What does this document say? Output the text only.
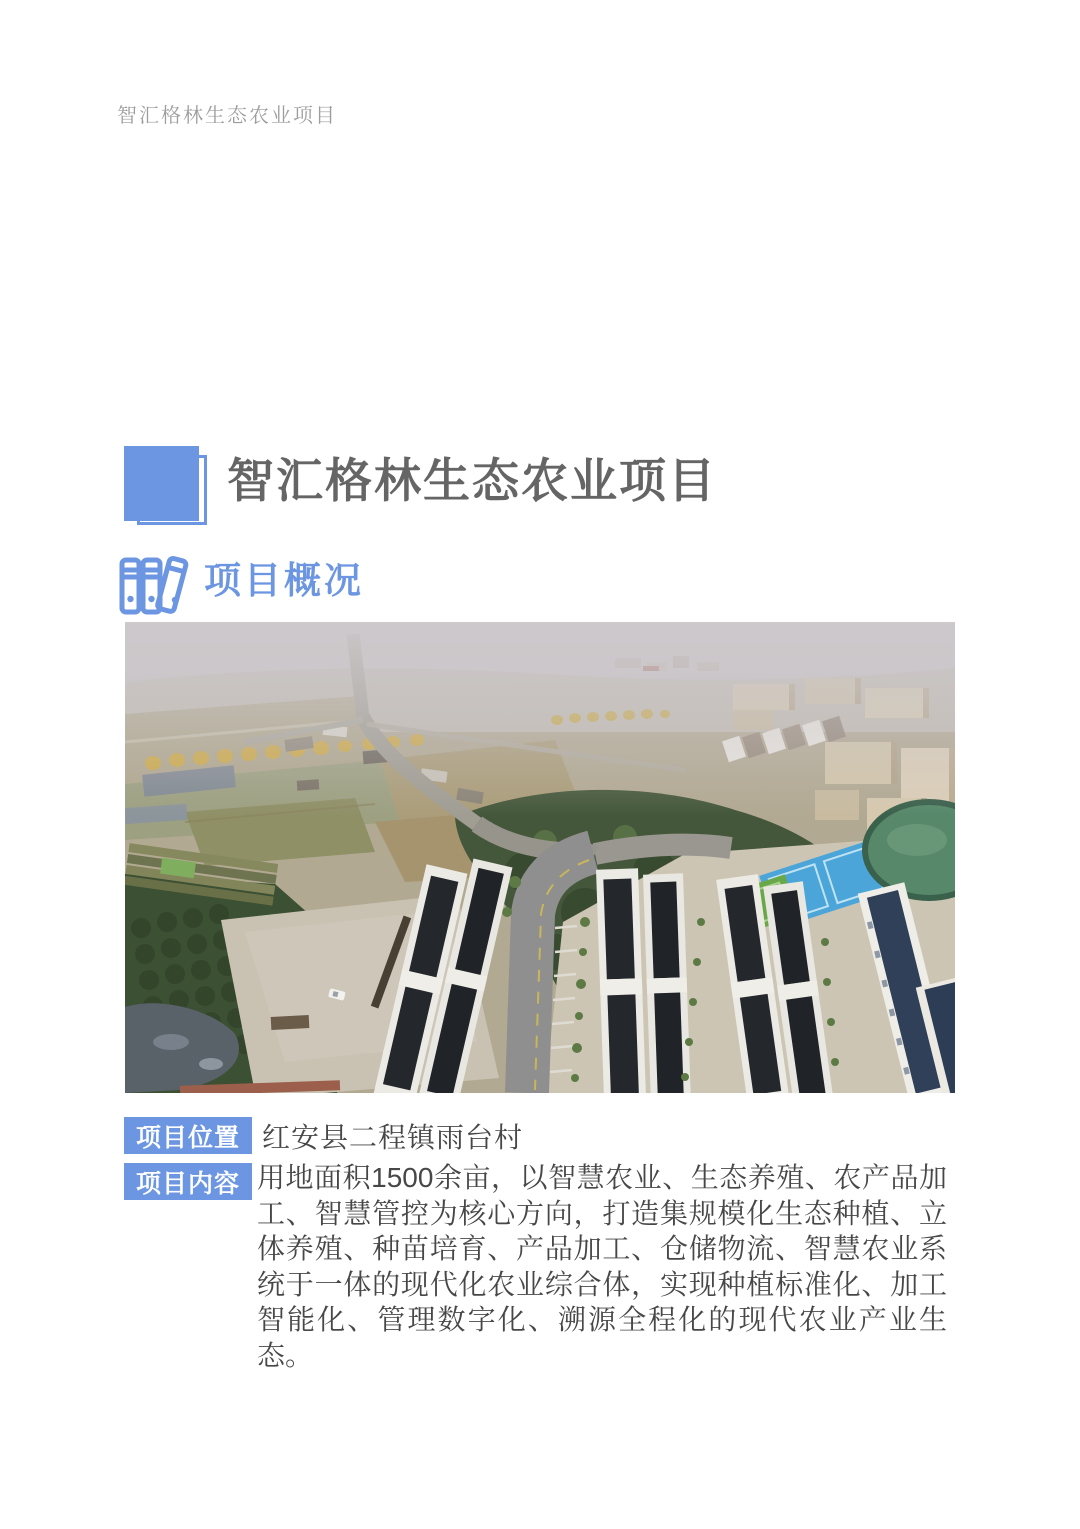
智汇格林生态农业项目
智汇格林生态农业项目
项目概况
项目位置 红安县二程镇雨台村
项目内容 用地面积1500余亩，以智慧农业、生态养殖、农产品加工、智慧管控为核心方向，打造集规模化生态种植、立体养殖、种苗培育、产品加工、仓储物流、智慧农业系统于一体的现代化农业综合体，实现种植标准化、加工智能化、管理数字化、溯源全程化的现代农业产业生态。
